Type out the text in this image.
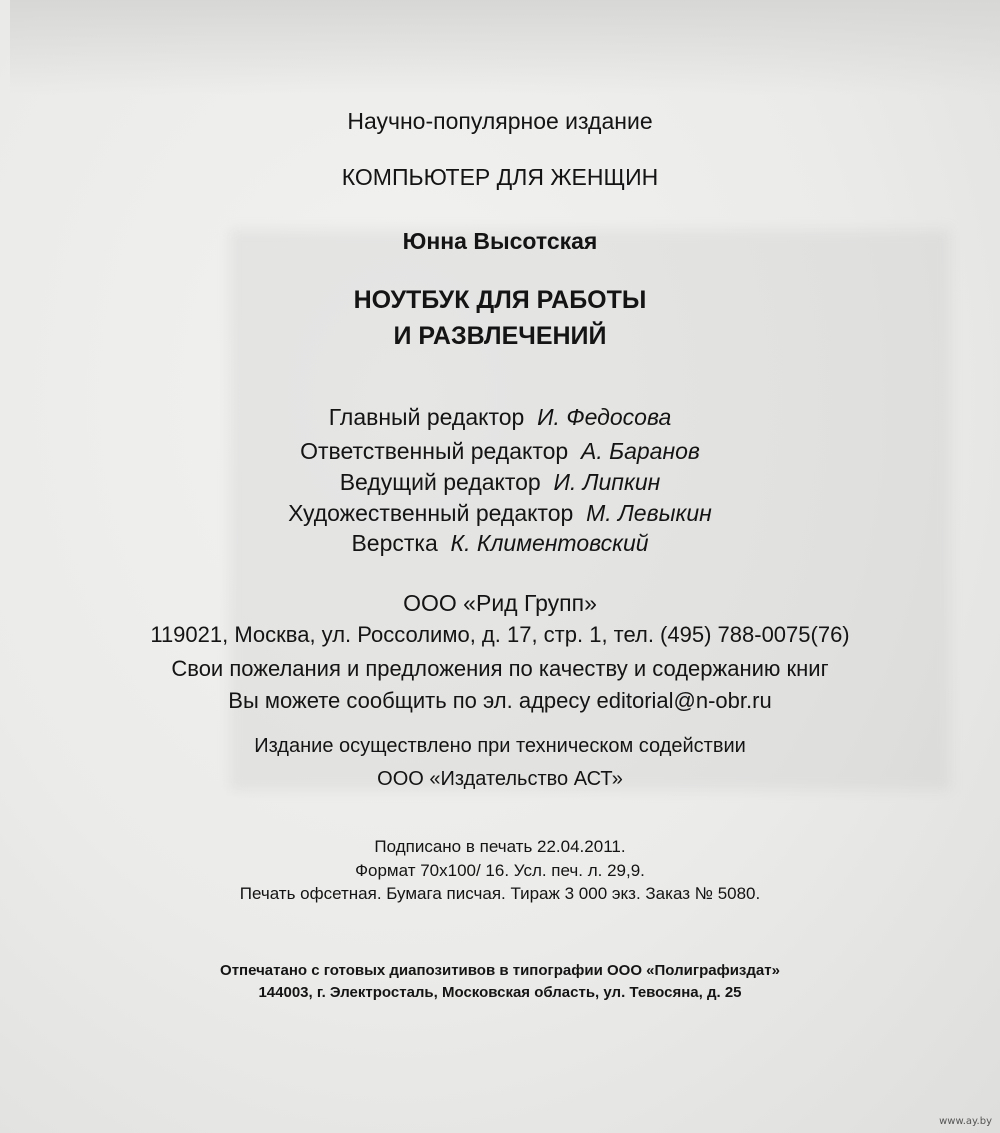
Научно-популярное издание
КОМПЬЮТЕР ДЛЯ ЖЕНЩИН
Юнна Высотская
НОУТБУК ДЛЯ РАБОТЫ
И РАЗВЛЕЧЕНИЙ
Главный редактор И. Федосова
Ответственный редактор А. Баранов
Ведущий редактор И. Липкин
Художественный редактор М. Левыкин
Верстка К. Климентовский
ООО «Рид Групп»
119021, Москва, ул. Россолимо, д. 17, стр. 1, тел. (495) 788-0075(76)
Свои пожелания и предложения по качеству и содержанию книг
Вы можете сообщить по эл. адресу editorial@n-obr.ru
Издание осуществлено при техническом содействии
ООО «Издательство АСТ»
Подписано в печать 22.04.2011.
Формат 70x100/ 16. Усл. печ. л. 29,9.
Печать офсетная. Бумага писчая. Тираж 3 000 экз. Заказ № 5080.
Отпечатано с готовых диапозитивов в типографии ООО «Полиграфиздат»
144003, г. Электросталь, Московская область, ул. Тевосяна, д. 25
www.ay.by
